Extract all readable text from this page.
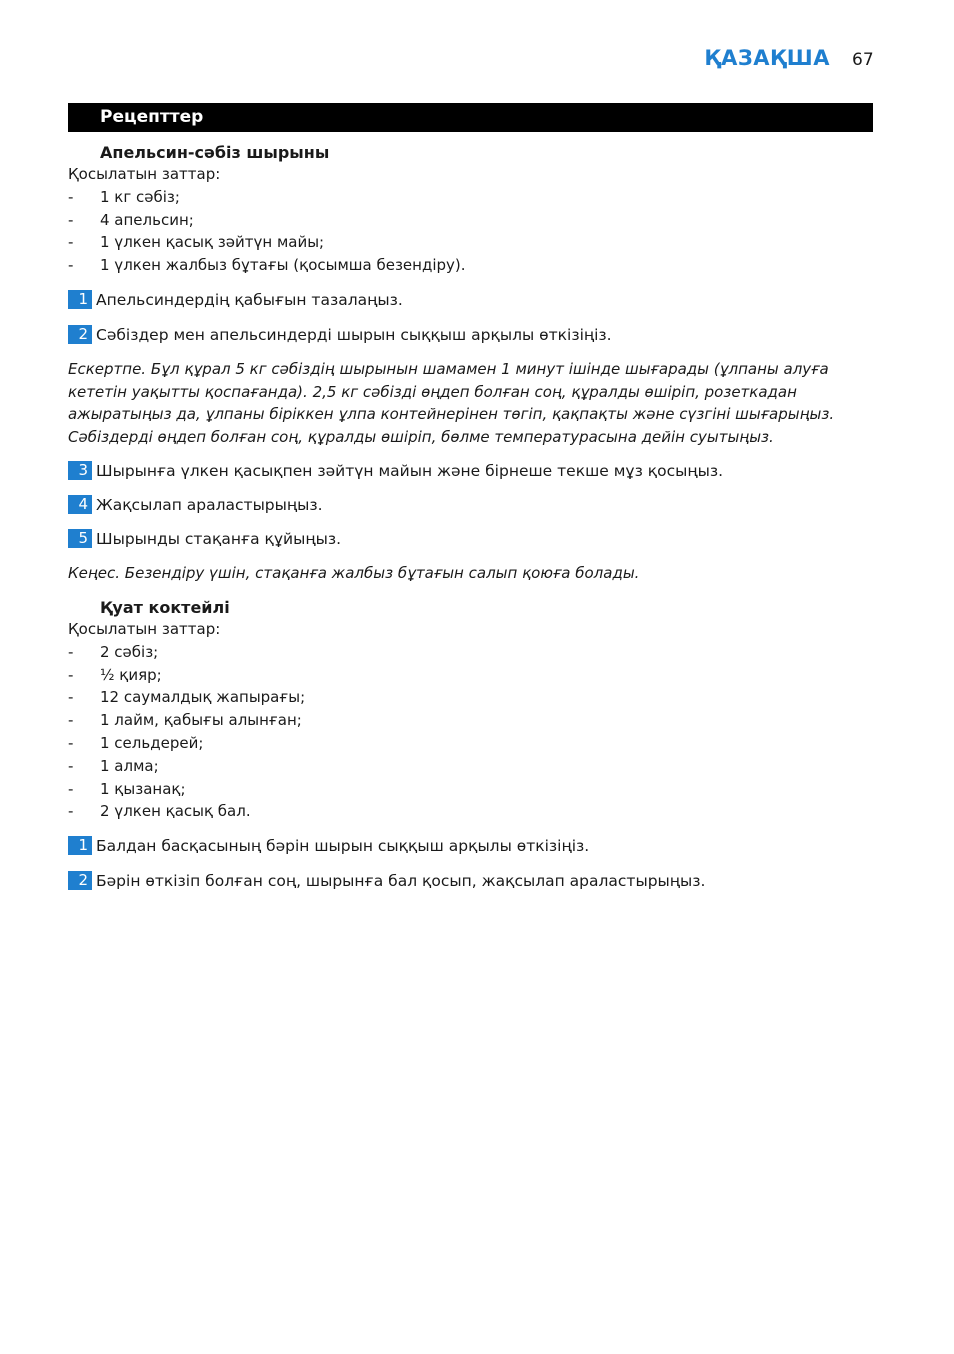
ҚАЗАҚША 67
Рецепттер
Апельсин-сәбіз шырыны
Қосылатын заттар:
- 1 кг сәбіз;
- 4 апельсин;
- 1 үлкен қасық зәйтүн майы;
- 1 үлкен жалбыз бұтағы (қосымша безендіру).
1 Апельсиндердің қабығын тазалаңыз.
2 Сәбіздер мен апельсиндерді шырын сыққыш арқылы өткізіңіз.
Ескертпе. Бұл құрал 5 кг сәбіздің шырынын шамамен 1 минут ішінде шығарады (ұлпаны алуға
кететін уақытты қоспағанда). 2,5 кг сәбізді өңдеп болған соң, құралды өшіріп, розеткадан
ажыратыңыз да, ұлпаны біріккен ұлпа контейнерінен төгіп, қақпақты және сүзгіні шығарыңыз.
Сәбіздерді өңдеп болған соң, құралды өшіріп, бөлме температурасына дейін суытыңыз.
3 Шырынға үлкен қасықпен зәйтүн майын және бірнеше текше мұз қосыңыз.
4 Жақсылап араластырыңыз.
5 Шырынды стақанға құйыңыз.
Кеңес. Безендіру үшін, стақанға жалбыз бұтағын салып қоюға болады.
Қуат коктейлі
Қосылатын заттар:
- 2 сәбіз;
- ½ қияр;
- 12 саумалдық жапырағы;
- 1 лайм, қабығы алынған;
- 1 сельдерей;
- 1 алма;
- 1 қызанақ;
- 2 үлкен қасық бал.
1 Балдан басқасының бәрін шырын сыққыш арқылы өткізіңіз.
2 Бәрін өткізіп болған соң, шырынға бал қосып, жақсылап араластырыңыз.
